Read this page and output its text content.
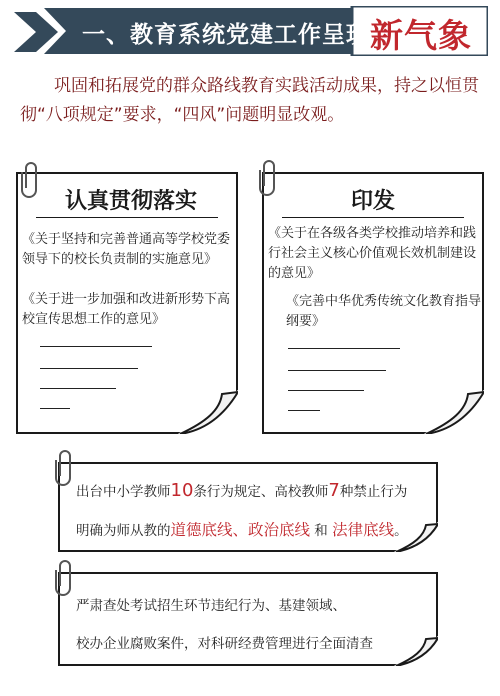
一、教育系统党建工作呈现 新气象

巩固和拓展党的群众路线教育实践活动成果，持之以恒贯彻“八项规定”要求，“四风”问题明显改观。

认真贯彻落实
《关于坚持和完善普通高等学校党委领导下的校长负责制的实施意见》
《关于进一步加强和改进新形势下高校宣传思想工作的意见》
印发
《关于在各级各类学校推动培养和践行社会主义核心价值观长效机制建设的意见》
《完善中华优秀传统文化教育指导纲要》
出台中小学教师10条行为规定、高校教师7种禁止行为
明确为师从教的道德底线、政治底线 和 法律底线。
严肃查处考试招生环节违纪行为、基建领域、
校办企业腐败案件，对科研经费管理进行全面清查
